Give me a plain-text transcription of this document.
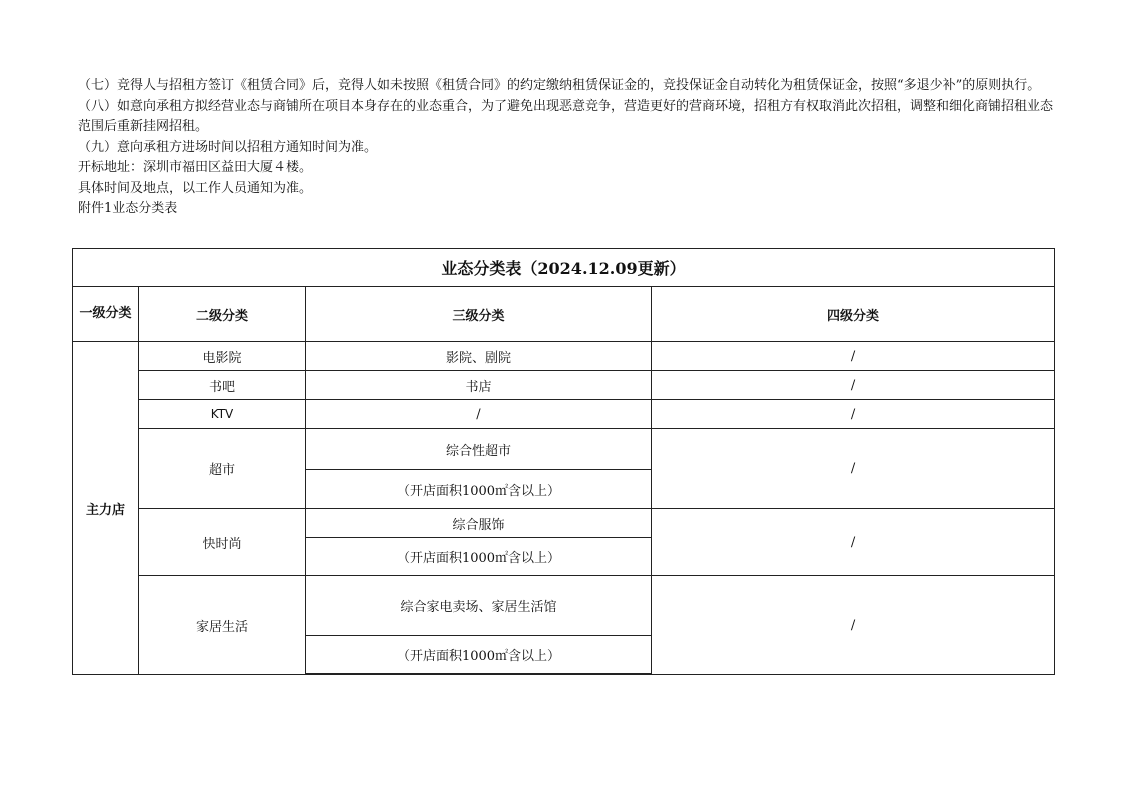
（七）竞得人与招租方签订《租赁合同》后，竞得人如未按照《租赁合同》的约定缴纳租赁保证金的，竞投保证金自动转化为租赁保证金，按照“多退少补”的原则执行。

（八）如意向承租方拟经营业态与商铺所在项目本身存在的业态重合，为了避免出现恶意竞争，营造更好的营商环境，招租方有权取消此次招租，调整和细化商铺招租业态范围后重新挂网招租。

（九）意向承租方进场时间以招租方通知时间为准。

开标地址：深圳市福田区益田大厦４楼。

具体时间及地点，以工作人员通知为准。

附件1业态分类表

业态分类表（2024.12.09更新）			
一级分类	二级分类	三级分类	四级分类
主力店	电影院	影院、剧院	/
	书吧	书店	/
	KTV	/	/
	超市	综合性超市	/
		（开店面积1000㎡含以上）	
	快时尚	综合服饰	/
		（开店面积1000㎡含以上）	
	家居生活	综合家电卖场、家居生活馆	/
		（开店面积1000㎡含以上）	
